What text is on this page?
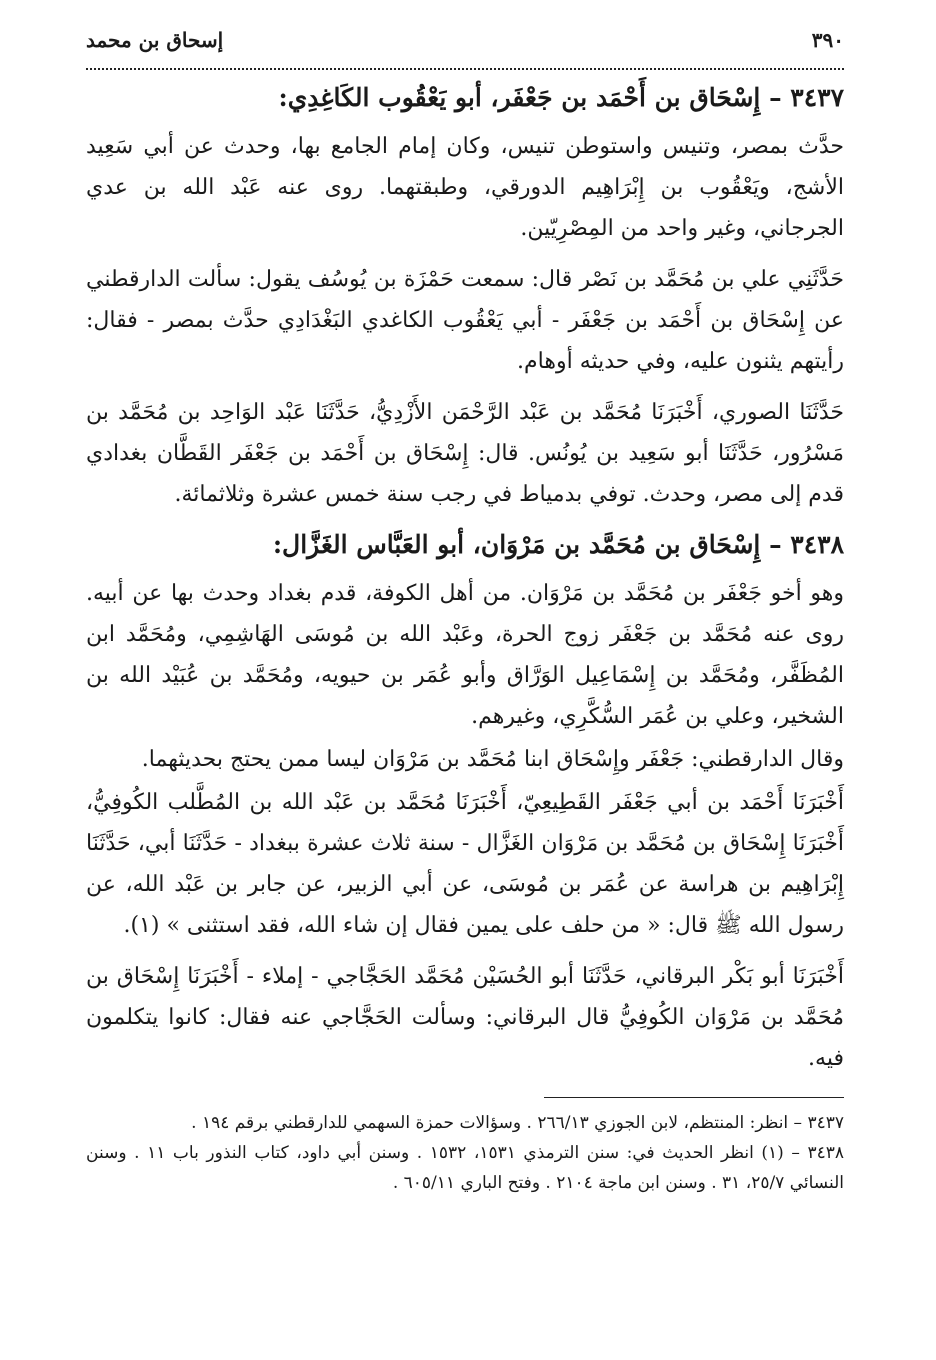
٣٩٠
إسحاق بن محمد
٣٤٣٧ – إِسْحَاق بن أَحْمَد بن جَعْفَر، أبو يَعْقُوب الكَاغِدِي:

حدَّث بمصر، وتنيس واستوطن تنيس، وكان إمام الجامع بها، وحدث عن أبي سَعِيد الأشج، ويَعْقُوب بن إِبْرَاهِيم الدورقي، وطبقتهما. روى عنه عَبْد الله بن عدي الجرجاني، وغير واحد من المِصْرِيّين.

حَدَّثَنِي علي بن مُحَمَّد بن نَصْر قال: سمعت حَمْزَة بن يُوسُف يقول: سألت الدارقطني عن إِسْحَاق بن أَحْمَد بن جَعْفَر - أبي يَعْقُوب الكاغدي البَغْدَادِي حدَّث بمصر - فقال: رأيتهم يثنون عليه، وفي حديثه أوهام.

حَدَّثَنَا الصوري، أَخْبَرَنَا مُحَمَّد بن عَبْد الرَّحْمَن الأَزْدِيُّ، حَدَّثَنَا عَبْد الوَاحِد بن مُحَمَّد بن مَسْرُور، حَدَّثَنَا أبو سَعِيد بن يُونُس. قال: إِسْحَاق بن أَحْمَد بن جَعْفَر القَطَّان بغدادي قدم إلى مصر، وحدث. توفي بدمياط في رجب سنة خمس عشرة وثلاثمائة.

٣٤٣٨ – إِسْحَاق بن مُحَمَّد بن مَرْوَان، أبو العَبَّاس الغَزَّال:

وهو أخو جَعْفَر بن مُحَمَّد بن مَرْوَان. من أهل الكوفة، قدم بغداد وحدث بها عن أبيه. روى عنه مُحَمَّد بن جَعْفَر زوج الحرة، وعَبْد الله بن مُوسَى الهَاشِمِي، ومُحَمَّد ابن المُظَفَّر، ومُحَمَّد بن إِسْمَاعِيل الوَرَّاق وأبو عُمَر بن حيويه، ومُحَمَّد بن عُبَيْد الله بن الشخير، وعلي بن عُمَر السُّكَّرِي، وغيرهم.

وقال الدارقطني: جَعْفَر وإِسْحَاق ابنا مُحَمَّد بن مَرْوَان ليسا ممن يحتج بحديثهما.

أَخْبَرَنَا أَحْمَد بن أبي جَعْفَر القَطِيعِيّ، أَخْبَرَنَا مُحَمَّد بن عَبْد الله بن المُطَّلب الكُوفِيُّ، أَخْبَرَنَا إِسْحَاق بن مُحَمَّد بن مَرْوَان الغَزَّال - سنة ثلاث عشرة ببغداد - حَدَّثَنَا أبي، حَدَّثَنَا إِبْرَاهِيم بن هراسة عن عُمَر بن مُوسَى، عن أبي الزبير، عن جابر بن عَبْد الله، عن رسول الله ﷺ قال: « من حلف على يمين فقال إن شاء الله، فقد استثنى » (١).

أَخْبَرَنَا أبو بَكْر البرقاني، حَدَّثَنَا أبو الحُسَيْن مُحَمَّد الحَجَّاجي - إملاء - أَخْبَرَنَا إِسْحَاق بن مُحَمَّد بن مَرْوَان الكُوفِيُّ قال البرقاني: وسألت الحَجَّاجي عنه فقال: كانوا يتكلمون فيه.

٣٤٣٧ – انظر: المنتظم، لابن الجوزي ٢٦٦/١٣ . وسؤالات حمزة السهمي للدارقطني برقم ١٩٤ .

٣٤٣٨ – (١) انظر الحديث في: سنن الترمذي ١٥٣١، ١٥٣٢ . وسنن أبي داود، كتاب النذور باب ١١ . وسنن النسائي ٢٥/٧، ٣١ . وسنن ابن ماجة ٢١٠٤ . وفتح الباري ٦٠٥/١١ .
